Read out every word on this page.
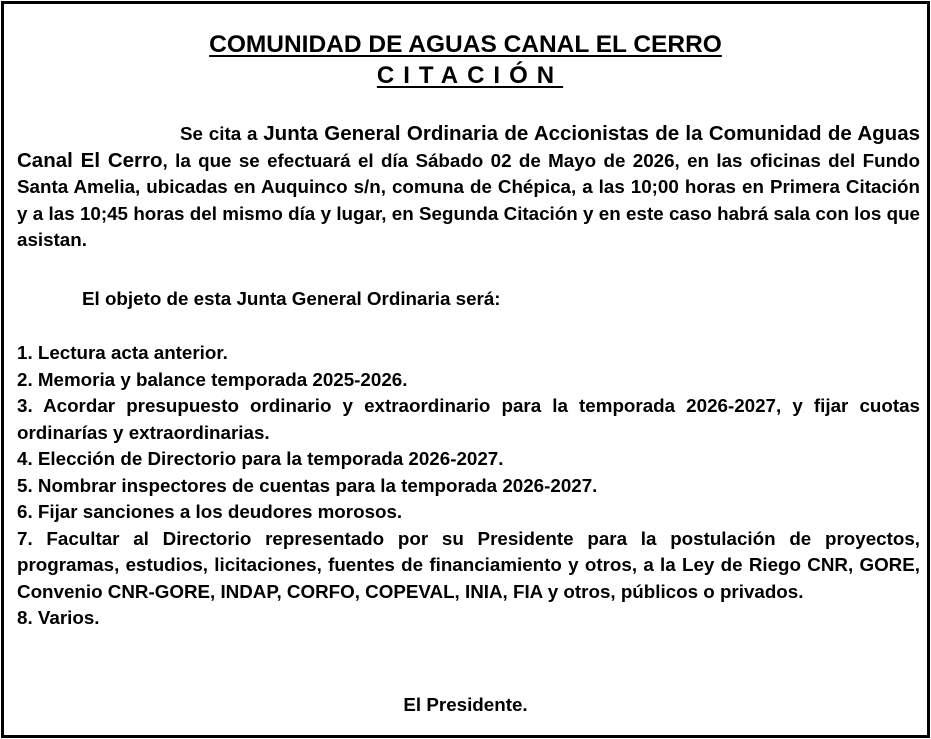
COMUNIDAD DE AGUAS CANAL EL CERRO
CITACIÓN
Se cita a Junta General Ordinaria de Accionistas de la Comunidad de Aguas Canal El Cerro, la que se efectuará el día Sábado 02 de Mayo de 2026, en las oficinas del Fundo Santa Amelia, ubicadas en Auquinco s/n, comuna de Chépica, a las 10;00 horas en Primera Citación y a las 10;45 horas del mismo día y lugar, en Segunda Citación y en este caso habrá sala con los que asistan.
El objeto de esta Junta General Ordinaria será:
1. Lectura acta anterior.
2. Memoria y balance temporada 2025-2026.
3. Acordar presupuesto ordinario y extraordinario para la temporada 2026-2027, y fijar cuotas ordinarías y extraordinarias.
4. Elección de Directorio para la temporada 2026-2027.
5. Nombrar inspectores de cuentas para la temporada 2026-2027.
6. Fijar sanciones a los deudores morosos.
7. Facultar al Directorio representado por su Presidente para la postulación de proyectos, programas, estudios, licitaciones, fuentes de financiamiento y otros, a la Ley de Riego CNR, GORE, Convenio CNR-GORE, INDAP, CORFO, COPEVAL, INIA, FIA y otros, públicos o privados.
8. Varios.
El Presidente.
